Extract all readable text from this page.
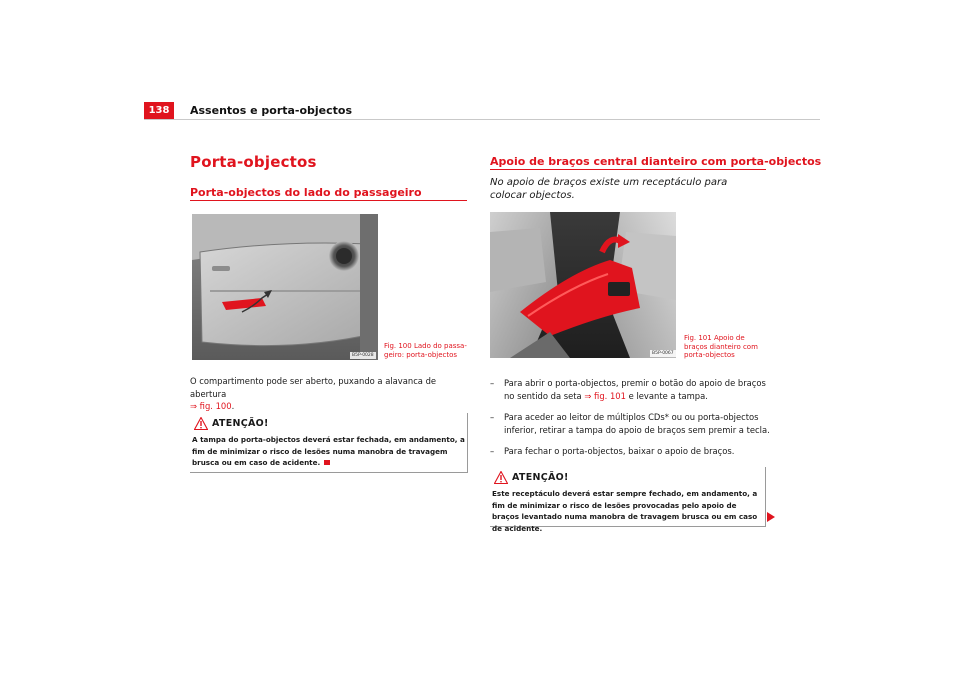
138	Assentos e porta-objectos
Porta-objectos
Porta-objectos do lado do passageiro
B5P-0028
Fig. 100 Lado do passa-geiro: porta-objectos
O compartimento pode ser aberto, puxando a alavanca de abertura
⇒ fig. 100.
ATENÇÃO!
A tampa do porta-objectos deverá estar fechada, em andamento, a fim de minimizar o risco de lesões numa manobra de travagem brusca ou em caso de acidente.
Apoio de braços central dianteiro com porta-objectos
No apoio de braços existe um receptáculo para colocar objectos.
B5P-0067
Fig. 101 Apoio de braços dianteiro com porta-objectos
– Para abrir o porta-objectos, premir o botão do apoio de braços no sentido da seta ⇒ fig. 101 e levante a tampa.
– Para aceder ao leitor de múltiplos CDs* ou ou porta-objectos inferior, retirar a tampa do apoio de braços sem premir a tecla.
– Para fechar o porta-objectos, baixar o apoio de braços.
ATENÇÃO!
Este receptáculo deverá estar sempre fechado, em andamento, a fim de minimizar o risco de lesões provocadas pelo apoio de braços levantado numa manobra de travagem brusca ou em caso de acidente.
